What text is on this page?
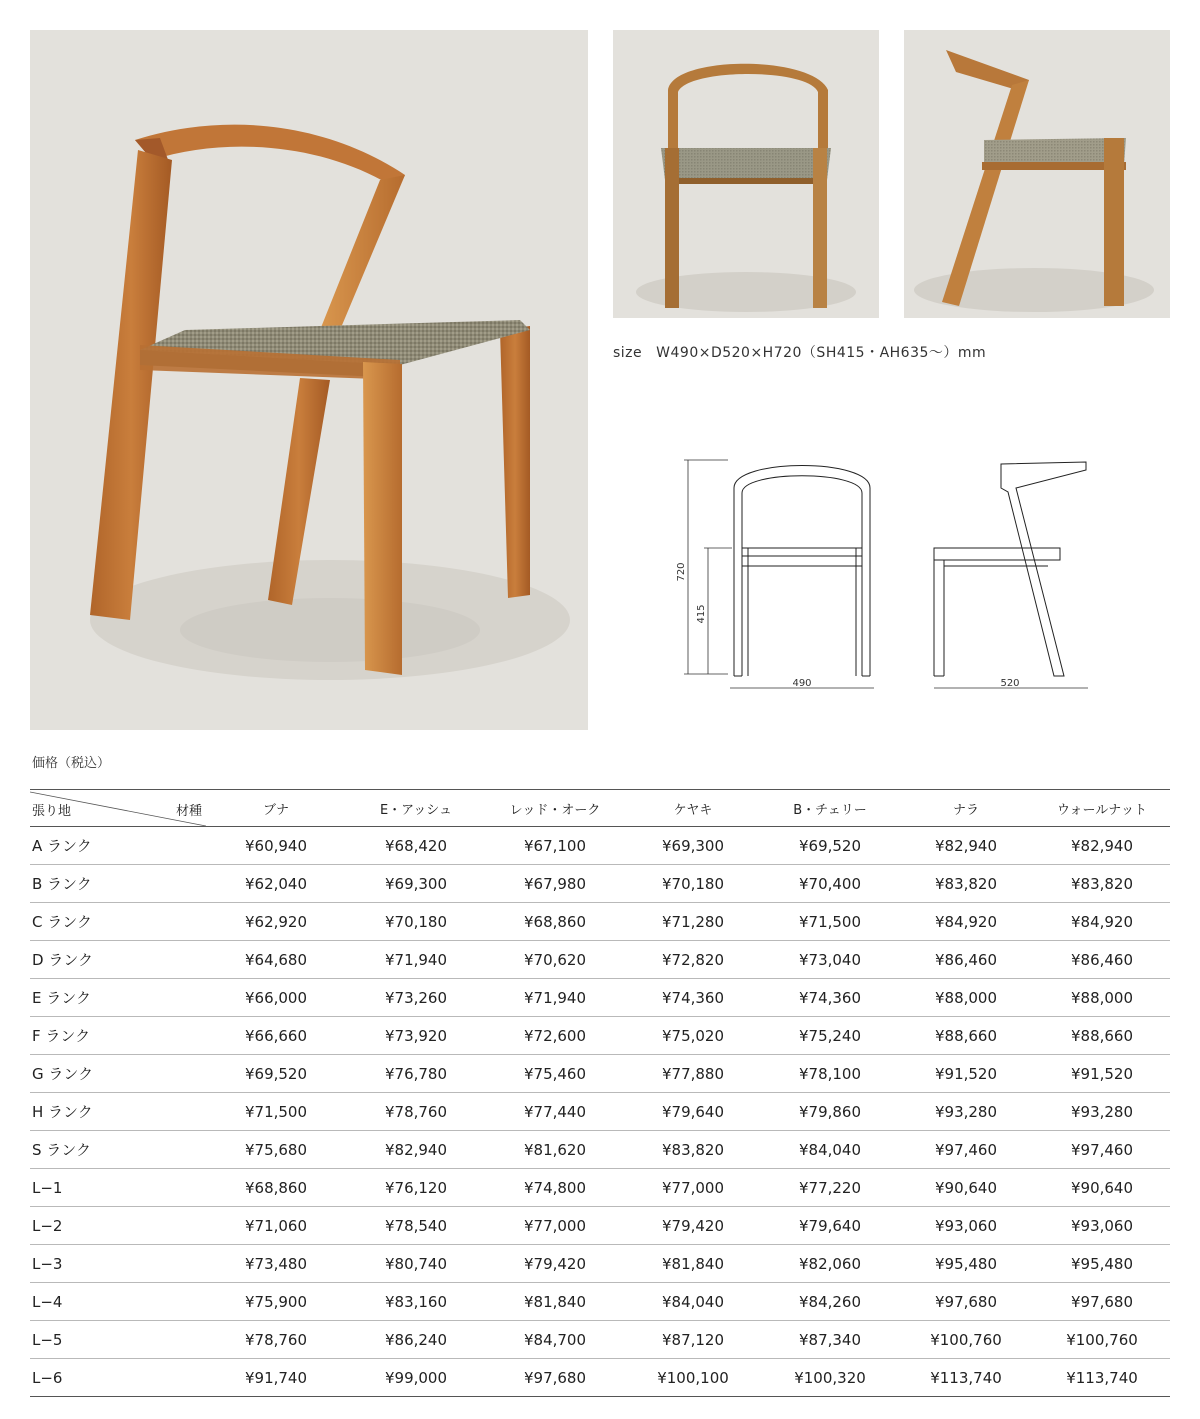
size W490×D520×H720（SH415・AH635〜）mm
720
415
490	520
価格（税込）
張り地 材種	ブナ	E・アッシュ	レッド・オーク	ケヤキ	B・チェリー	ナラ	ウォールナット
A ランク	¥60,940	¥68,420	¥67,100	¥69,300	¥69,520	¥82,940	¥82,940
B ランク	¥62,040	¥69,300	¥67,980	¥70,180	¥70,400	¥83,820	¥83,820
C ランク	¥62,920	¥70,180	¥68,860	¥71,280	¥71,500	¥84,920	¥84,920
D ランク	¥64,680	¥71,940	¥70,620	¥72,820	¥73,040	¥86,460	¥86,460
E ランク	¥66,000	¥73,260	¥71,940	¥74,360	¥74,360	¥88,000	¥88,000
F ランク	¥66,660	¥73,920	¥72,600	¥75,020	¥75,240	¥88,660	¥88,660
G ランク	¥69,520	¥76,780	¥75,460	¥77,880	¥78,100	¥91,520	¥91,520
H ランク	¥71,500	¥78,760	¥77,440	¥79,640	¥79,860	¥93,280	¥93,280
S ランク	¥75,680	¥82,940	¥81,620	¥83,820	¥84,040	¥97,460	¥97,460
L−1	¥68,860	¥76,120	¥74,800	¥77,000	¥77,220	¥90,640	¥90,640
L−2	¥71,060	¥78,540	¥77,000	¥79,420	¥79,640	¥93,060	¥93,060
L−3	¥73,480	¥80,740	¥79,420	¥81,840	¥82,060	¥95,480	¥95,480
L−4	¥75,900	¥83,160	¥81,840	¥84,040	¥84,260	¥97,680	¥97,680
L−5	¥78,760	¥86,240	¥84,700	¥87,120	¥87,340	¥100,760	¥100,760
L−6	¥91,740	¥99,000	¥97,680	¥100,100	¥100,320	¥113,740	¥113,740
